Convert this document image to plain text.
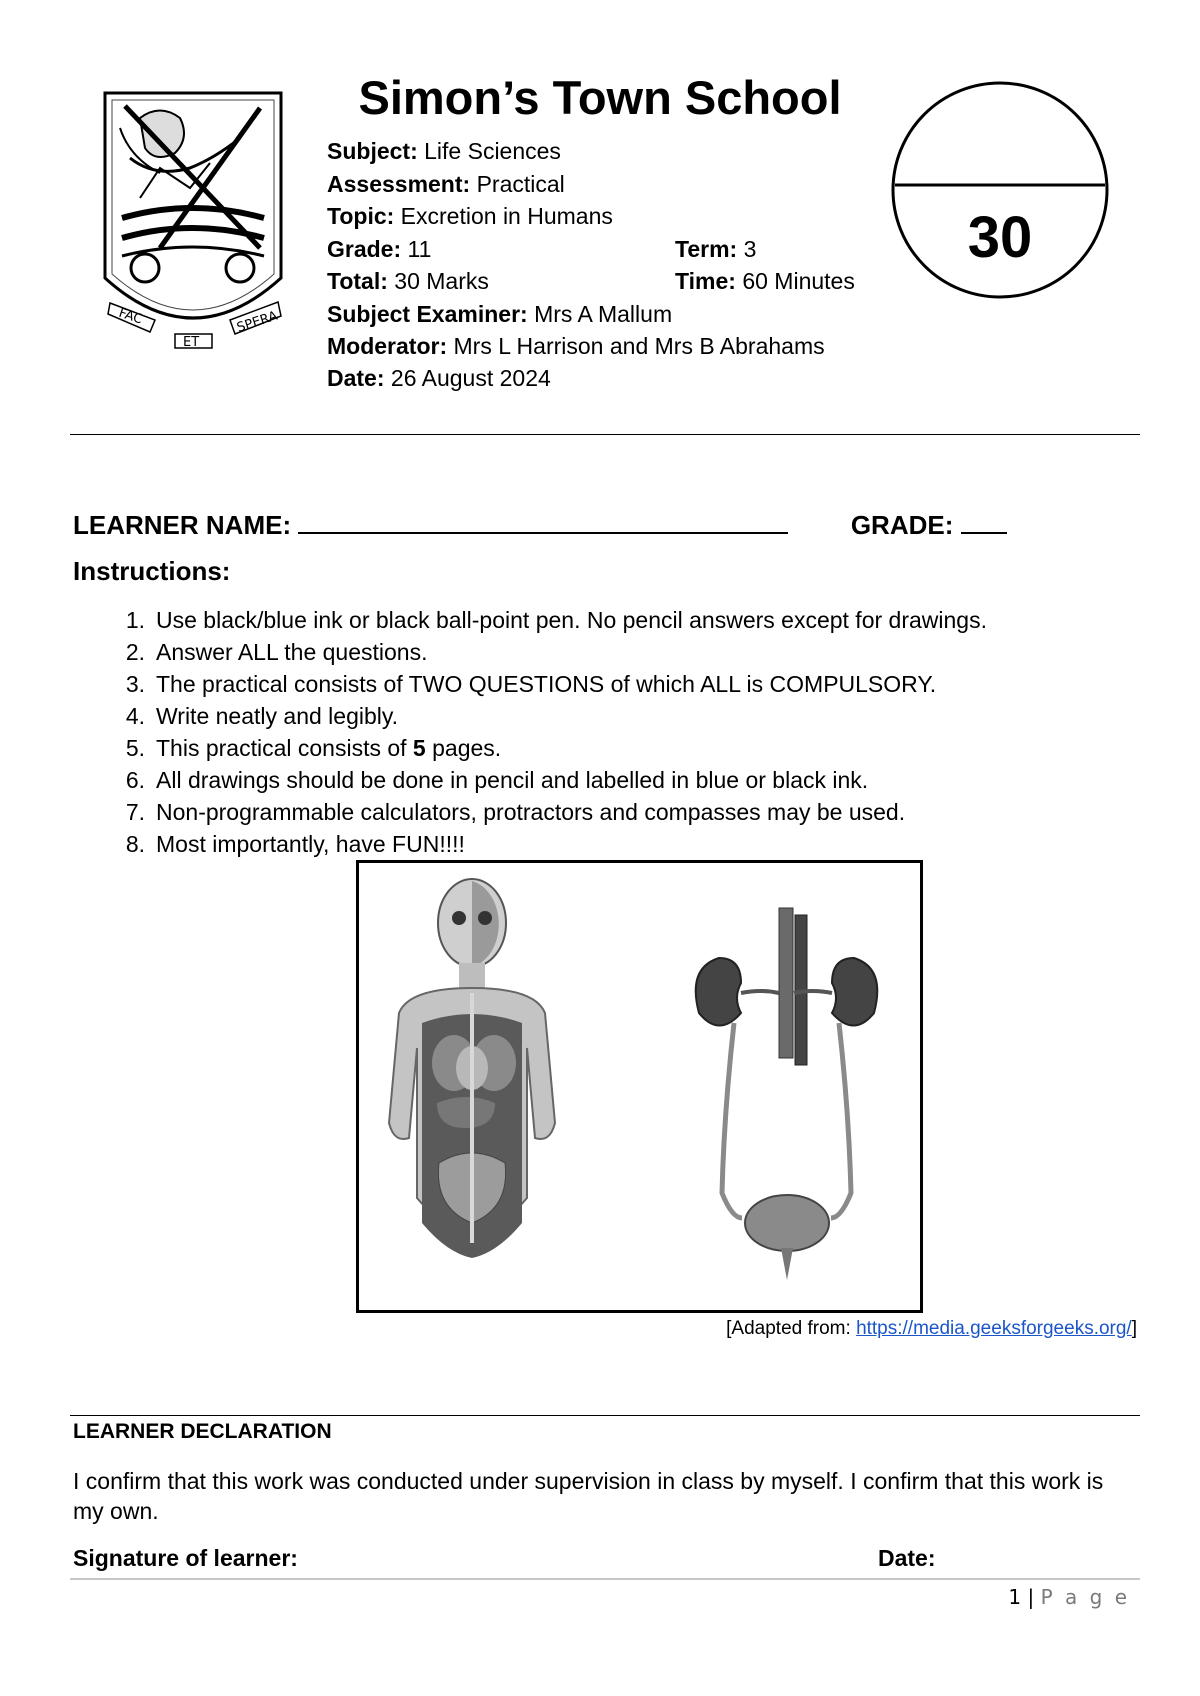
FAC
ET
SPERA
Simon’s Town School
Subject: Life Sciences
Assessment: Practical
Topic: Excretion in Humans
Grade: 11	Term: 3
Total: 30 Marks	Time: 60 Minutes
Subject Examiner: Mrs A Mallum
Moderator: Mrs L Harrison and Mrs B Abrahams
Date: 26 August 2024
30
LEARNER NAME:	GRADE:
Instructions:
1. Use black/blue ink or black ball-point pen. No pencil answers except for drawings.
2. Answer ALL the questions.
3. The practical consists of TWO QUESTIONS of which ALL is COMPULSORY.
4. Write neatly and legibly.
5. This practical consists of 5 pages.
6. All drawings should be done in pencil and labelled in blue or black ink.
7. Non-programmable calculators, protractors and compasses may be used.
8. Most importantly, have FUN!!!!
[Adapted from: https://media.geeksforgeeks.org/]
LEARNER DECLARATION
I confirm that this work was conducted under supervision in class by myself. I confirm that this work is my own.
Signature of learner:	Date:
1 | P a g e
